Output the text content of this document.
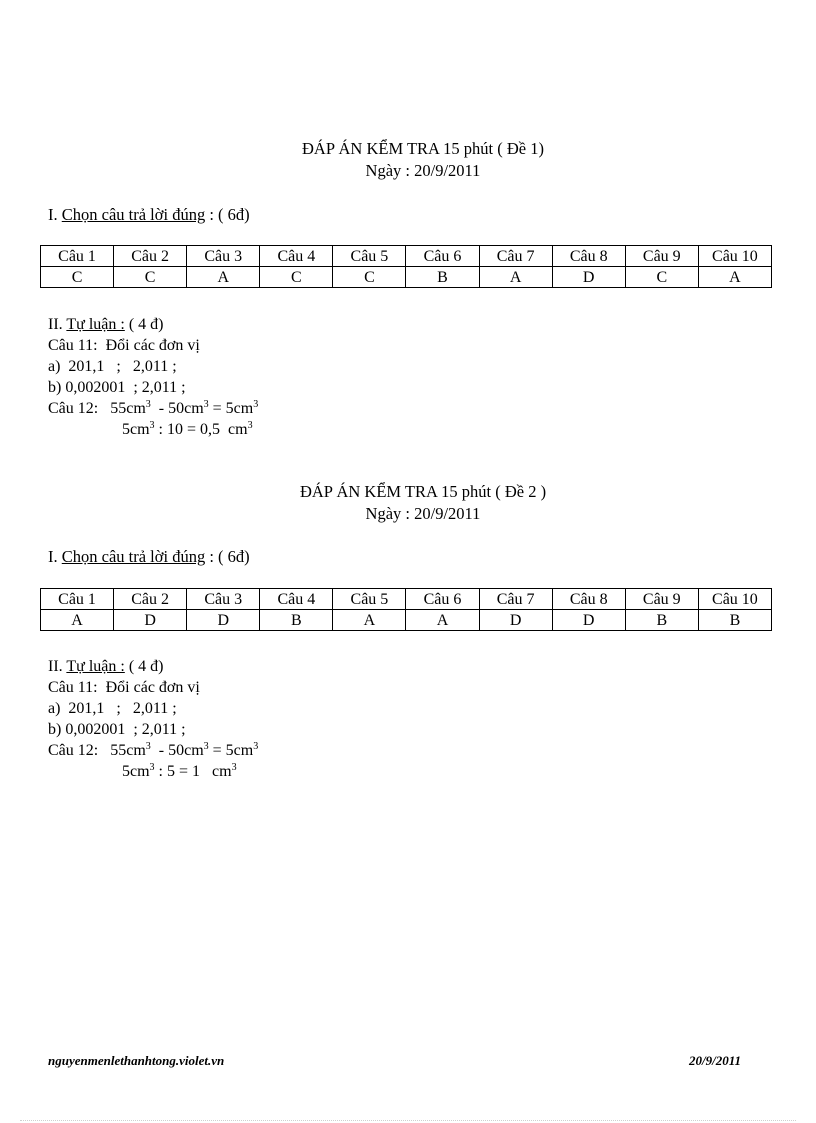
ĐÁP ÁN KỂM TRA 15 phút ( Đề 1)
Ngày : 20/9/2011
I. Chọn câu trả lời đúng : ( 6đ)
Câu 1	Câu 2	Câu 3	Câu 4	Câu 5	Câu 6	Câu 7	Câu 8	Câu 9	Câu 10
C	C	A	C	C	B	A	D	C	A
II. Tự luận : ( 4 đ)
Câu 11:  Đổi các đơn vị
a)  201,1   ;   2,011 ;
b) 0,002001  ; 2,011 ;
Câu 12:   $55cm^3 - 50cm^3 = 5cm^3$
$5cm^3$ : 10 = 0,5  $cm^3$
ĐÁP ÁN KỂM TRA 15 phút ( Đề 2 )
Ngày : 20/9/2011
I. Chọn câu trả lời đúng : ( 6đ)
Câu 1	Câu 2	Câu 3	Câu 4	Câu 5	Câu 6	Câu 7	Câu 8	Câu 9	Câu 10
A	D	D	B	A	A	D	D	B	B
II. Tự luận : ( 4 đ)
Câu 11:  Đổi các đơn vị
a)  201,1   ;   2,011 ;
b) 0,002001  ; 2,011 ;
Câu 12:   $55cm^3 - 50cm^3 = 5cm^3$
$5cm^3$ : 5 = 1   $cm^3$
nguyenmenlethanhtong.violet.vn	20/9/2011
